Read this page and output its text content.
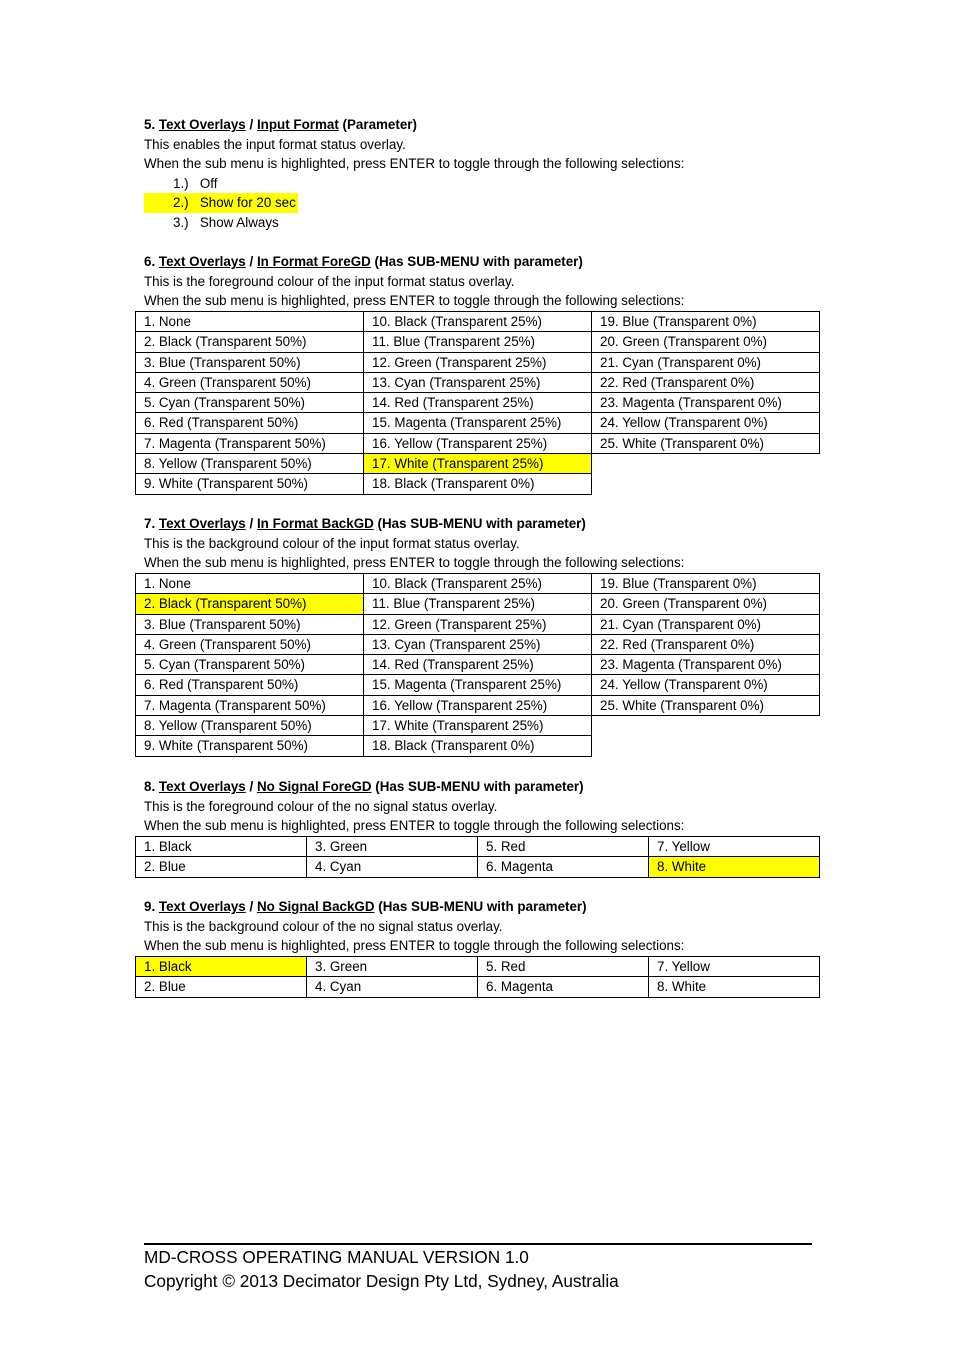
5. Text Overlays / Input Format (Parameter)
This enables the input format status overlay.
When the sub menu is highlighted, press ENTER to toggle through the following selections:
1.) Off
2.) Show for 20 sec
3.) Show Always
6. Text Overlays / In Format ForeGD (Has SUB-MENU with parameter)
This is the foreground colour of the input format status overlay.
When the sub menu is highlighted, press ENTER to toggle through the following selections:
1. None	10. Black (Transparent 25%)	19. Blue (Transparent 0%)
2. Black (Transparent 50%)	11. Blue (Transparent 25%)	20. Green (Transparent 0%)
3. Blue (Transparent 50%)	12. Green (Transparent 25%)	21. Cyan (Transparent 0%)
4. Green (Transparent 50%)	13. Cyan (Transparent 25%)	22. Red (Transparent 0%)
5. Cyan (Transparent 50%)	14. Red (Transparent 25%)	23. Magenta (Transparent 0%)
6. Red (Transparent 50%)	15. Magenta (Transparent 25%)	24. Yellow (Transparent 0%)
7. Magenta (Transparent 50%)	16. Yellow (Transparent 25%)	25. White (Transparent 0%)
8. Yellow (Transparent 50%)	17. White (Transparent 25%)	
9. White (Transparent 50%)	18. Black (Transparent 0%)	
7. Text Overlays / In Format BackGD (Has SUB-MENU with parameter)
This is the background colour of the input format status overlay.
When the sub menu is highlighted, press ENTER to toggle through the following selections:
1. None	10. Black (Transparent 25%)	19. Blue (Transparent 0%)
2. Black (Transparent 50%)	11. Blue (Transparent 25%)	20. Green (Transparent 0%)
3. Blue (Transparent 50%)	12. Green (Transparent 25%)	21. Cyan (Transparent 0%)
4. Green (Transparent 50%)	13. Cyan (Transparent 25%)	22. Red (Transparent 0%)
5. Cyan (Transparent 50%)	14. Red (Transparent 25%)	23. Magenta (Transparent 0%)
6. Red (Transparent 50%)	15. Magenta (Transparent 25%)	24. Yellow (Transparent 0%)
7. Magenta (Transparent 50%)	16. Yellow (Transparent 25%)	25. White (Transparent 0%)
8. Yellow (Transparent 50%)	17. White (Transparent 25%)	
9. White (Transparent 50%)	18. Black (Transparent 0%)	
8. Text Overlays / No Signal ForeGD (Has SUB-MENU with parameter)
This is the foreground colour of the no signal status overlay.
When the sub menu is highlighted, press ENTER to toggle through the following selections:
1. Black	3. Green	5. Red	7. Yellow
2. Blue	4. Cyan	6. Magenta	8. White
9. Text Overlays / No Signal BackGD (Has SUB-MENU with parameter)
This is the background colour of the no signal status overlay.
When the sub menu is highlighted, press ENTER to toggle through the following selections:
1. Black	3. Green	5. Red	7. Yellow
2. Blue	4. Cyan	6. Magenta	8. White
MD-CROSS OPERATING MANUAL VERSION 1.0
Copyright © 2013 Decimator Design Pty Ltd, Sydney, Australia
